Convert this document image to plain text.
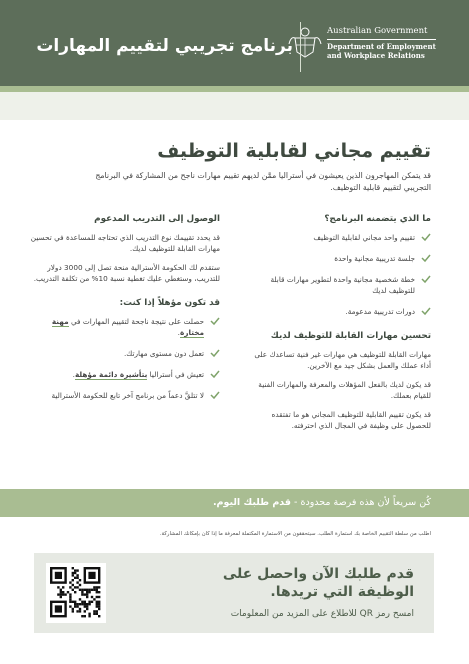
Australian Government
Department of Employment
and Workplace Relations
برنامج تجريبي لتقييم المهارات
تقييم مجاني لقابلية التوظيف
قد يتمكن المهاجرون الذين يعيشون في أستراليا ممَّن لديهم تقييم مهارات ناجح من المشاركة في البرنامج التجريبي لتقييم قابلية التوظيف.
ما الذي يتضمنه البرنامج؟
تقييم واحد مجاني لقابلية التوظيف
جلسة تدريبية مجانية واحدة
خطة شخصية مجانية واحدة لتطوير مهارات قابلة للتوظيف لديك
دورات تدريبية مدعومة.
تحسين مهارات القابلة للتوظيف لديك
مهارات القابلة للتوظيف هي مهارات غير فنية تساعدك على أداء عملك والعمل بشكل جيد مع الآخرين.
قد يكون لديك بالفعل المؤهلات والمعرفة والمهارات الفنية للقيام بعملك.
قد يكون تقييم القابلية للتوظيف المجاني هو ما تفتقده للحصول على وظيفة في المجال الذي احترفته.
الوصول إلى التدريب المدعوم
قد يحدد تقييمك نوع التدريب الذي تحتاجه للمساعدة في تحسين مهارات القابلة للتوظيف لديك.
ستقدم لك الحكومة الأسترالية منحة تصل إلى 3000 دولار للتدريب، وستغطي عليك تغطية نسبة 10% من تكلفة التدريب.
قد تكون مؤهلاً إذا كنت:
حصلت على نتيجة ناجحة لتقييم المهارات في مهنة مختارة.
تعمل دون مستوى مهارتك.
تعيش في أستراليا بتأشيرة دائمة مؤهلة.
لا تتلقَّ دعماً من برنامج آخر تابع للحكومة الأسترالية
كُن سريعاً لأن هذه فرصة محدودة - قدم طلبك اليوم.
اطلب من سلطة التقييم الخاصة بك استمارة الطلب. سيتحققون من الاستمارة المكتملة لمعرفة ما إذا كان بإمكانك المشاركة.
قدم طلبك الآن واحصل على الوظيفة التي تريدها.
امسح رمز QR للاطلاع على المزيد من المعلومات
